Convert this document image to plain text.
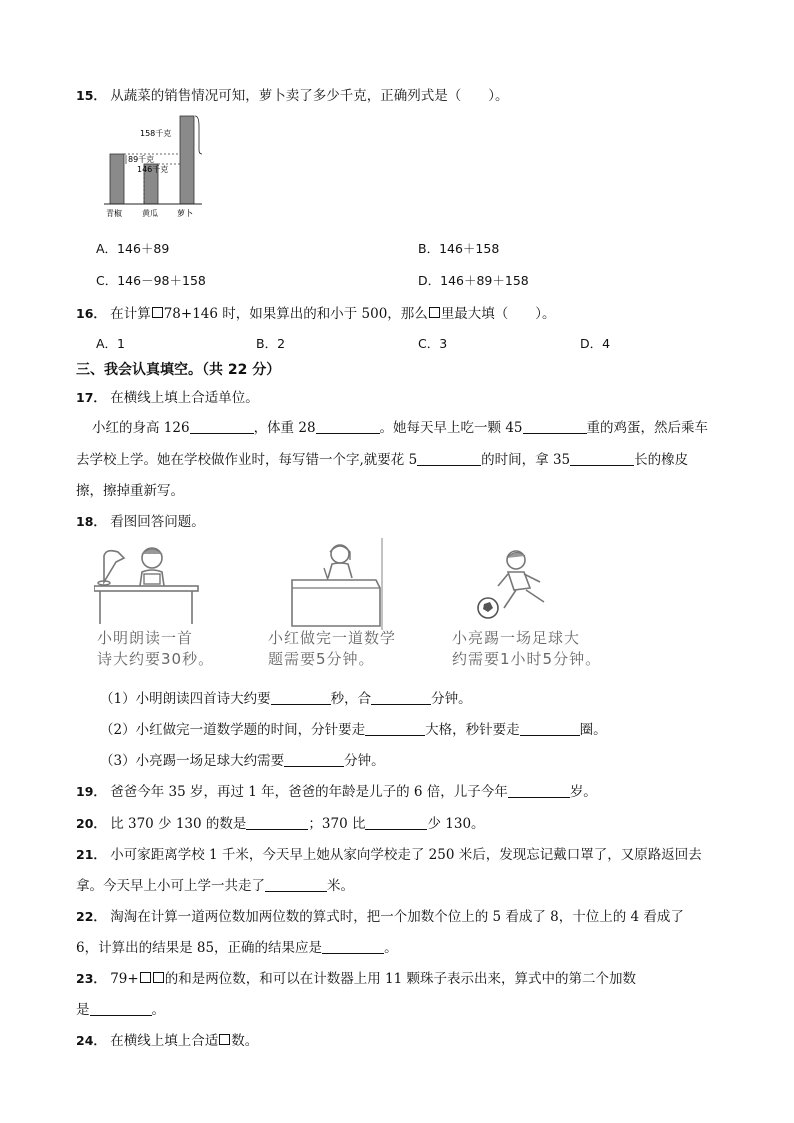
15． 从蔬菜的销售情况可知，萝卜卖了多少千克，正确列式是（　　）。
158千克
89千克
146千克
青椒	黄瓜 萝卜
A．146＋89	B．146＋158
C．146－98＋158	D．146＋89＋158
16． 在计算 78+146 时，如果算出的和小于 500，那么 里最大填（　　）。
A．1	B．2	C．3	D．4
三、我会认真填空。（共 22 分）
17． 在横线上填上合适单位。
小红的身高 126	，体重 28	。她每天早上吃一颗 45	重的鸡蛋，然后乘车
去学校上学。她在学校做作业时，每写错一个字,就要花 5	的时间，拿 35	长的橡皮
擦，擦掉重新写。
18． 看图回答问题。
小明朗读一首
诗大约要30秒。
小红做完一道数学
题需要5分钟。
小亮踢一场足球大
约需要1小时5分钟。
（1）小明朗读四首诗大约要	秒，合	分钟。
（2）小红做完一道数学题的时间，分针要走	大格，秒针要走	圈。
（3）小亮踢一场足球大约需要	分钟。
19． 爸爸今年 35 岁，再过 1 年，爸爸的年龄是儿子的 6 倍，儿子今年	岁。
20． 比 370 少 130 的数是	；370 比	少 130。
21． 小可家距离学校 1 千米，今天早上她从家向学校走了 250 米后，发现忘记戴口罩了，又原路返回去
拿。今天早上小可上学一共走了	米。
22． 淘淘在计算一道两位数加两位数的算式时，把一个加数个位上的 5 看成了 8，十位上的 4 看成了
6，计算出的结果是 85，正确的结果应是	。
23． 79+ 的和是两位数，和可以在计数器上用 11 颗珠子表示出来，算式中的第二个加数
是	。
24． 在横线上填上合适 数。
